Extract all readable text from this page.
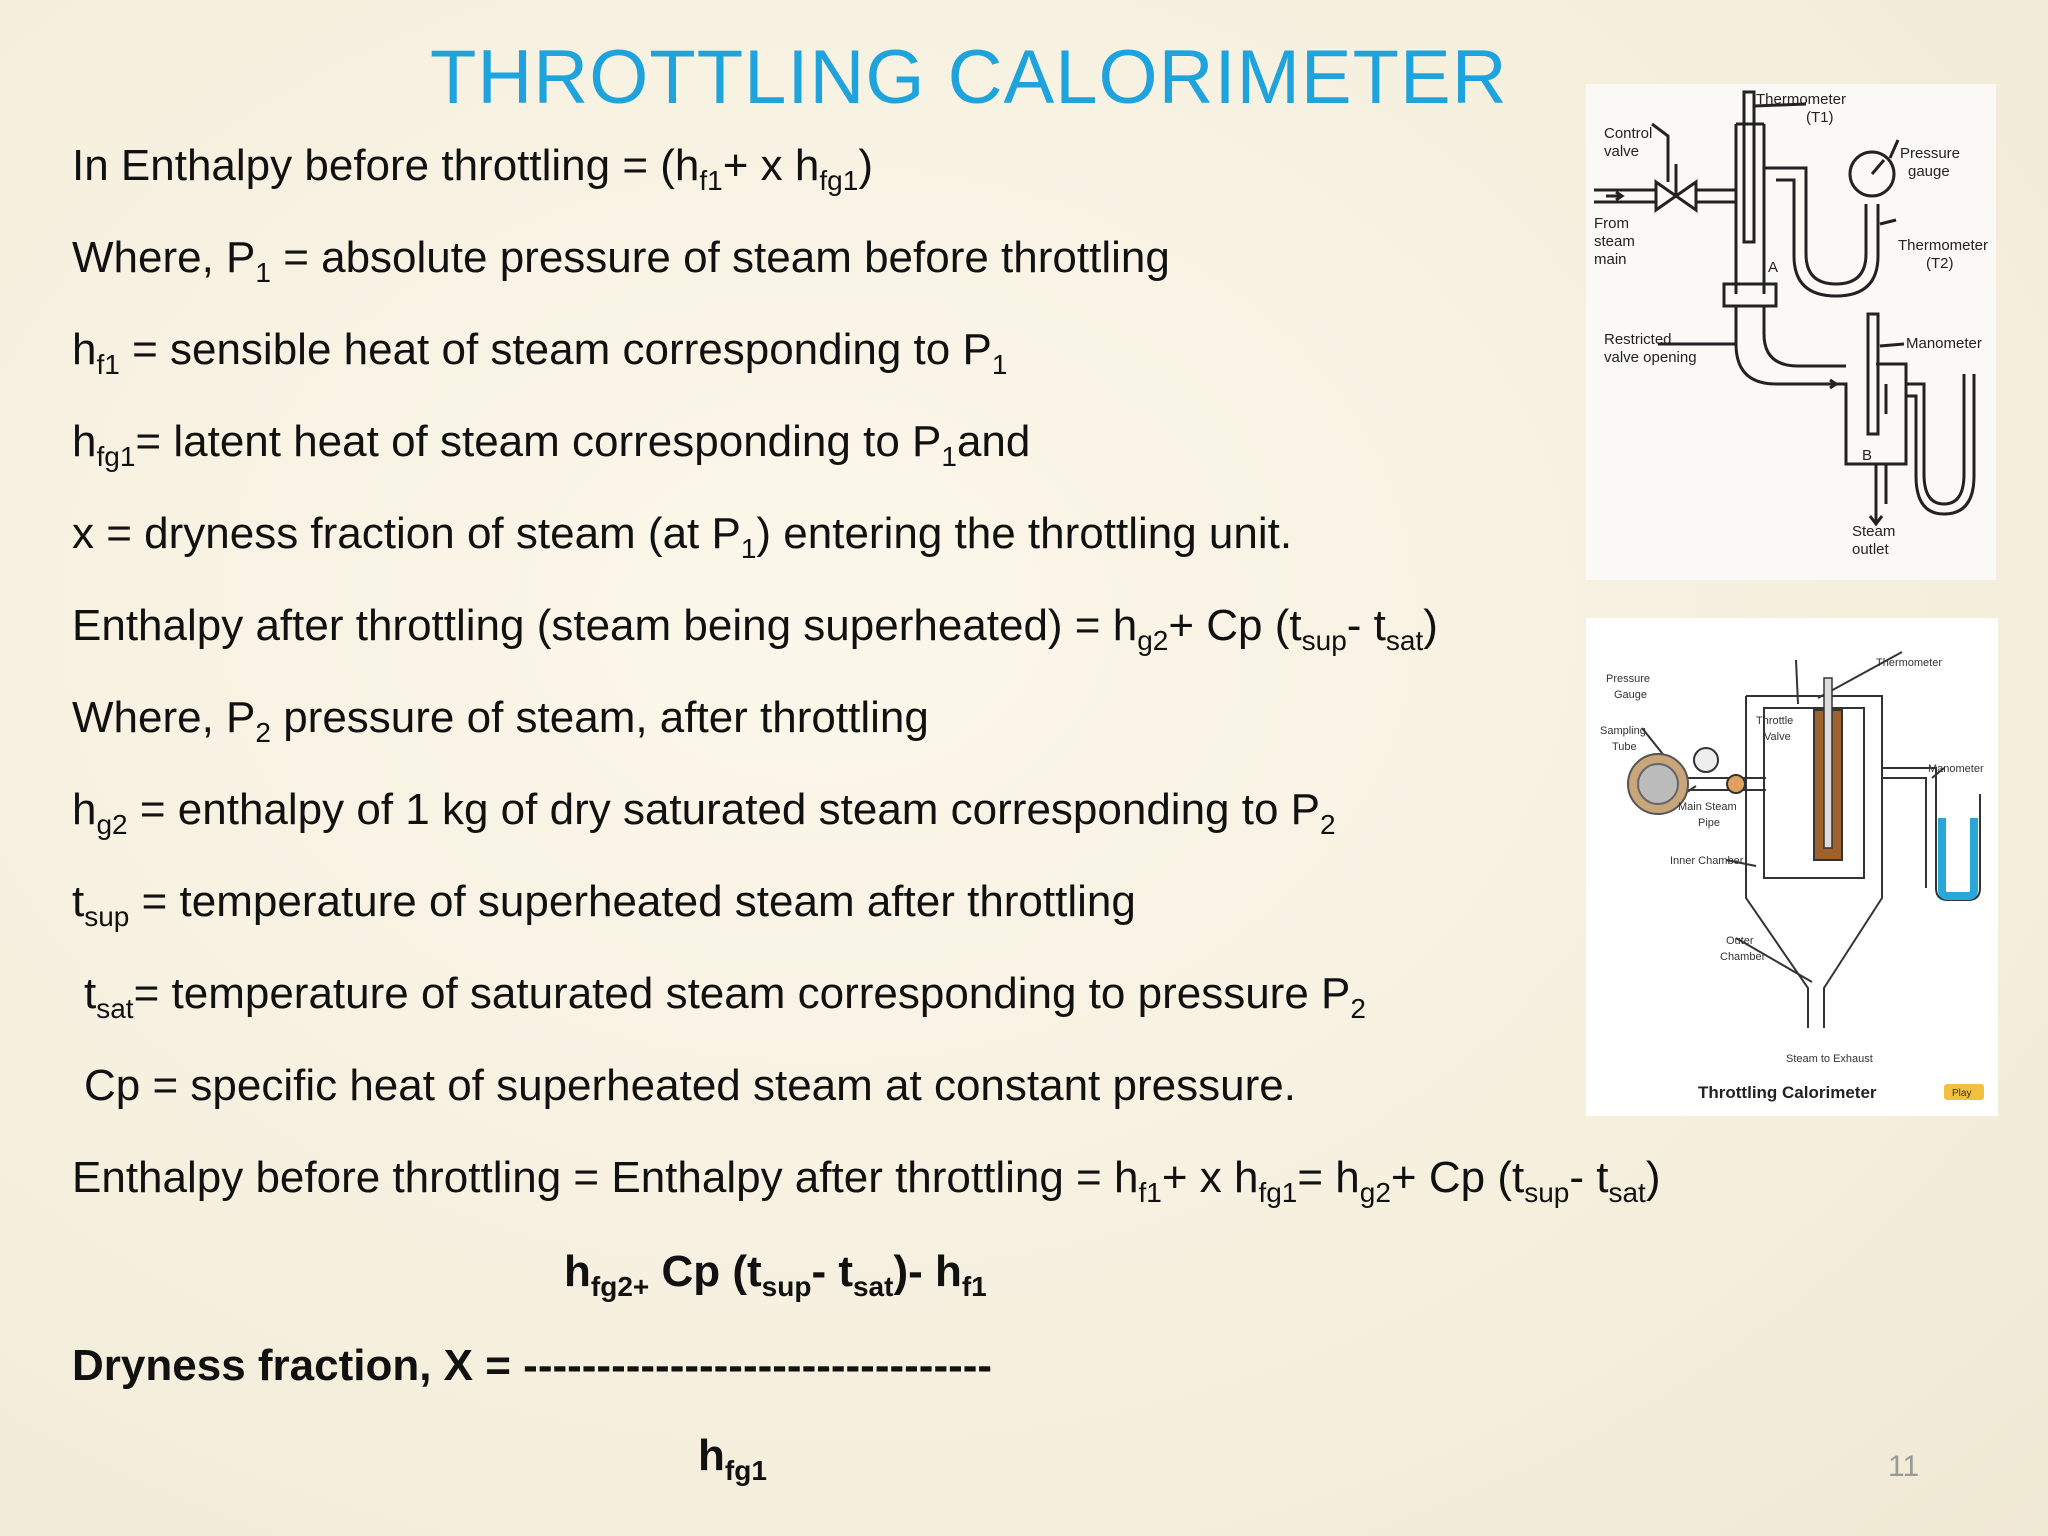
THROTTLING CALORIMETER
In Enthalpy before throttling = ($h_{f1}+ x$ $h_{fg1}$)
Where, $P_1$ = absolute pressure of steam before throttling
$h_{f1}$ = sensible heat of steam corresponding to $P_1$
$h_{fg1}=$ latent heat of steam corresponding to $P_1and$
x = dryness fraction of steam (at $P_1$) entering the throttling unit.
Enthalpy after throttling (steam being superheated) = $h_{g2}+ Cp$ ($t_{sup}-$ $t_{sat}$)
Where, $P_2$ pressure of steam, after throttling
$h_{g2}$ = enthalpy of 1 kg of dry saturated steam corresponding to $P_2$
$t_{sup}$ = temperature of superheated steam after throttling
$t_{sat}=$ temperature of saturated steam corresponding to pressure $P_2$
Cp = specific heat of superheated steam at constant pressure.
Enthalpy before throttling = Enthalpy after throttling = $h_{f1}+ x$ $h_{fg1}= h_{g2}+ Cp$ ($t_{sup}-$ $t_{sat}$)
$h_{fg2+}$ Cp ($t_{sup}-$ $t_{sat})-$ $h_{f1}$
Dryness fraction, X = --------------------------------
$h_{fg1}$	11
Thermometer
(T1)
Control
valve	Pressure
gauge
From
steam
main
Thermometer
(T2)
A
Restricted
valve opening
Manometer
B
Steam
outlet
Pressure
Gauge
Thermometer
Sampling
Tube
Throttle
Valve
Manometer
Main Steam
Pipe
Inner Chamber
Outer
Chamber
Steam to Exhaust
Throttling Calorimeter	Play
